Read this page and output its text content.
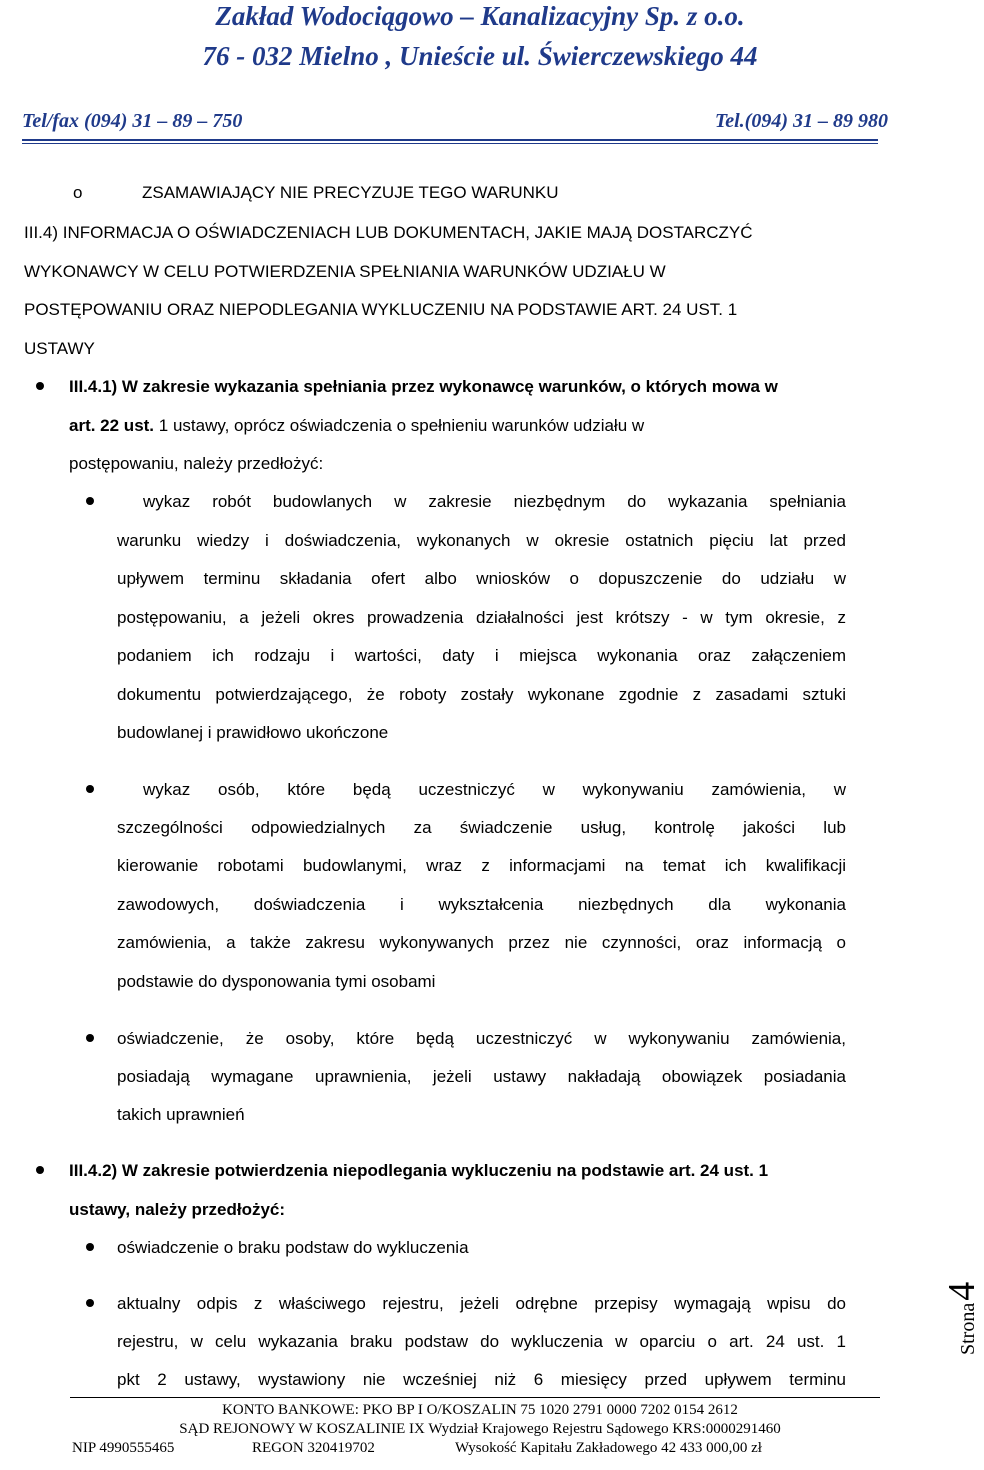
Zakład Wodociągowo – Kanalizacyjny Sp. z o.o.
76 - 032 Mielno , Unieście ul. Świerczewskiego 44
Tel/fax (094) 31 – 89 – 750	Tel.(094) 31 – 89 980
o	ZSAMAWIAJĄCY NIE PRECYZUJE TEGO WARUNKU
III.4) INFORMACJA O OŚWIADCZENIACH LUB DOKUMENTACH, JAKIE MAJĄ DOSTARCZYĆ
WYKONAWCY W CELU POTWIERDZENIA SPEŁNIANIA WARUNKÓW UDZIAŁU W
POSTĘPOWANIU ORAZ NIEPODLEGANIA WYKLUCZENIU NA PODSTAWIE ART. 24 UST. 1
USTAWY
III.4.1) W zakresie wykazania spełniania przez wykonawcę warunków, o których mowa w
art. 22 ust. 1 ustawy, oprócz oświadczenia o spełnieniu warunków udziału w
postępowaniu, należy przedłożyć:
wykaz robót budowlanych w zakresie niezbędnym do wykazania spełniania
warunku wiedzy i doświadczenia, wykonanych w okresie ostatnich pięciu lat przed
upływem terminu składania ofert albo wniosków o dopuszczenie do udziału w
postępowaniu, a jeżeli okres prowadzenia działalności jest krótszy - w tym okresie, z
podaniem ich rodzaju i wartości, daty i miejsca wykonania oraz załączeniem
dokumentu potwierdzającego, że roboty zostały wykonane zgodnie z zasadami sztuki
budowlanej i prawidłowo ukończone
wykaz osób, które będą uczestniczyć w wykonywaniu zamówienia, w
szczególności odpowiedzialnych za świadczenie usług, kontrolę jakości lub
kierowanie robotami budowlanymi, wraz z informacjami na temat ich kwalifikacji
zawodowych, doświadczenia i wykształcenia niezbędnych dla wykonania
zamówienia, a także zakresu wykonywanych przez nie czynności, oraz informacją o
podstawie do dysponowania tymi osobami
oświadczenie, że osoby, które będą uczestniczyć w wykonywaniu zamówienia,
posiadają wymagane uprawnienia, jeżeli ustawy nakładają obowiązek posiadania
takich uprawnień
III.4.2) W zakresie potwierdzenia niepodlegania wykluczeniu na podstawie art. 24 ust. 1
ustawy, należy przedłożyć:
oświadczenie o braku podstaw do wykluczenia
aktualny odpis z właściwego rejestru, jeżeli odrębne przepisy wymagają wpisu do
rejestru, w celu wykazania braku podstaw do wykluczenia w oparciu o art. 24 ust. 1
pkt 2 ustawy, wystawiony nie wcześniej niż 6 miesięcy przed upływem terminu
Strona
4
KONTO BANKOWE: PKO BP I O/KOSZALIN 75 1020 2791 0000 7202 0154 2612
SĄD REJONOWY W KOSZALINIE IX Wydział Krajowego Rejestru Sądowego KRS:0000291460
NIP 4990555465	REGON 320419702	Wysokość Kapitału Zakładowego 42 433 000,00 zł
